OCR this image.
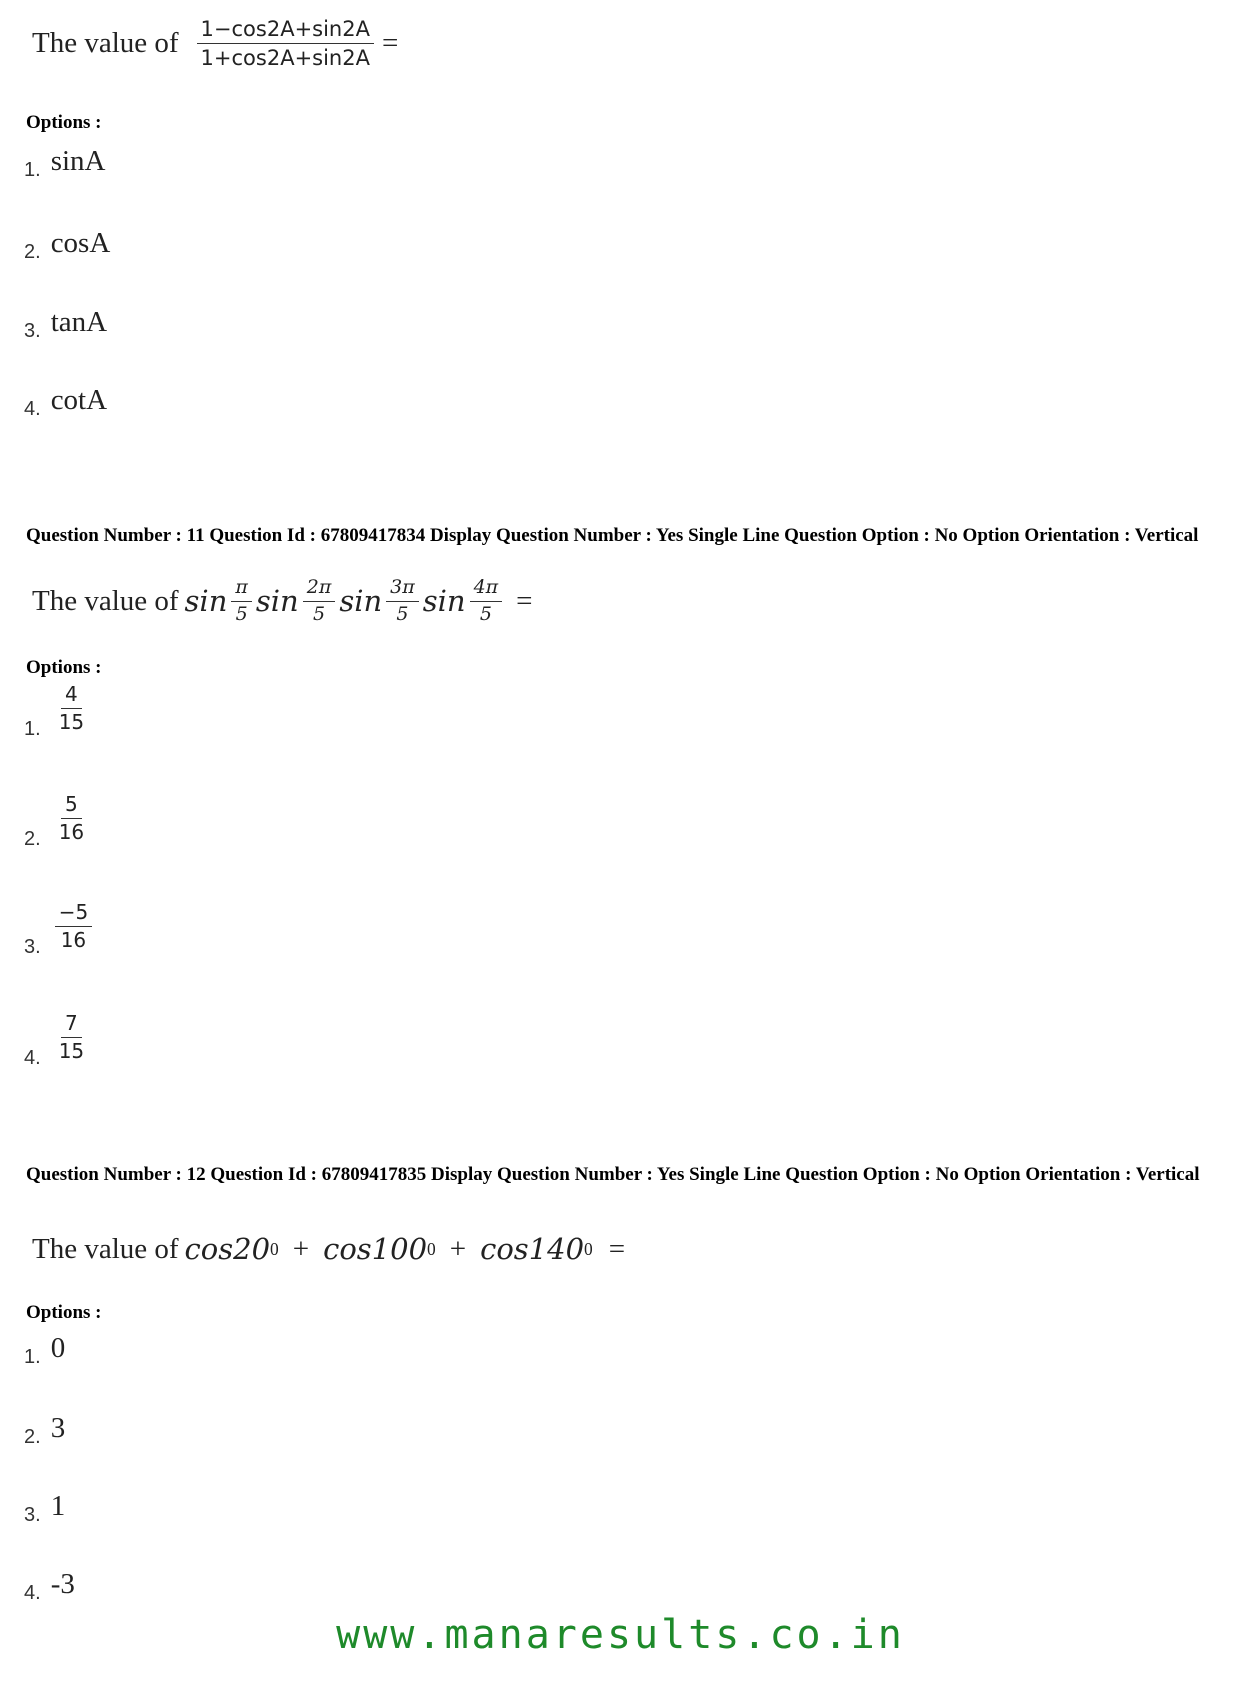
The value of $\frac{1-\cos 2A+\sin 2A}{1+\cos 2A+\sin 2A}$ =
Options :
1. sinA
2. cosA
3. tanA
4. cotA
Question Number : 11 Question Id : 67809417834 Display Question Number : Yes Single Line Question Option : No Option Orientation : Vertical
The value of $\sin \frac{\pi}{5}$ $\sin \frac{2\pi}{5}$ $\sin \frac{3\pi}{5}$ $\sin \frac{4\pi}{5}$ =
Options :
1. $\frac{4}{15}$
2. $\frac{5}{16}$
3. $\frac{-5}{16}$
4. $\frac{7}{15}$
Question Number : 12 Question Id : 67809417835 Display Question Number : Yes Single Line Question Option : No Option Orientation : Vertical
The value of cos20 0 + cos100 0 + cos140 0 =
Options :
1. 0
2. 3
3. 1
4. -3
www.manaresults.co.in
